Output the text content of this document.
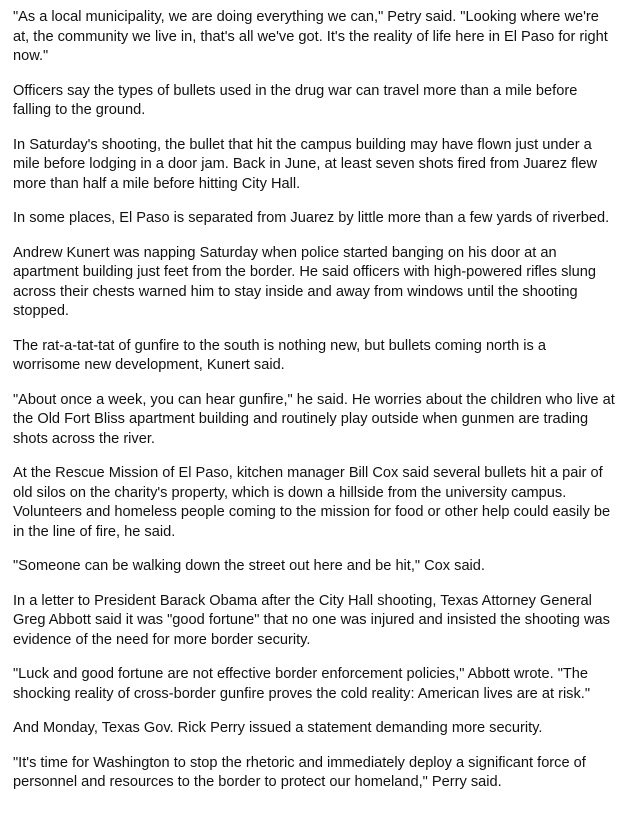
"As a local municipality, we are doing everything we can," Petry said. "Looking where we're at, the community we live in, that's all we've got. It's the reality of life here in El Paso for right now."

Officers say the types of bullets used in the drug war can travel more than a mile before falling to the ground.

In Saturday's shooting, the bullet that hit the campus building may have flown just under a mile before lodging in a door jam. Back in June, at least seven shots fired from Juarez flew more than half a mile before hitting City Hall.

In some places, El Paso is separated from Juarez by little more than a few yards of riverbed.

Andrew Kunert was napping Saturday when police started banging on his door at an apartment building just feet from the border. He said officers with high-powered rifles slung across their chests warned him to stay inside and away from windows until the shooting stopped.

The rat-a-tat-tat of gunfire to the south is nothing new, but bullets coming north is a worrisome new development, Kunert said.

"About once a week, you can hear gunfire," he said. He worries about the children who live at the Old Fort Bliss apartment building and routinely play outside when gunmen are trading shots across the river.

At the Rescue Mission of El Paso, kitchen manager Bill Cox said several bullets hit a pair of old silos on the charity's property, which is down a hillside from the university campus. Volunteers and homeless people coming to the mission for food or other help could easily be in the line of fire, he said.

"Someone can be walking down the street out here and be hit," Cox said.

In a letter to President Barack Obama after the City Hall shooting, Texas Attorney General Greg Abbott said it was "good fortune" that no one was injured and insisted the shooting was evidence of the need for more border security.

"Luck and good fortune are not effective border enforcement policies," Abbott wrote. "The shocking reality of cross-border gunfire proves the cold reality: American lives are at risk."

And Monday, Texas Gov. Rick Perry issued a statement demanding more security.

"It's time for Washington to stop the rhetoric and immediately deploy a significant force of personnel and resources to the border to protect our homeland," Perry said.
